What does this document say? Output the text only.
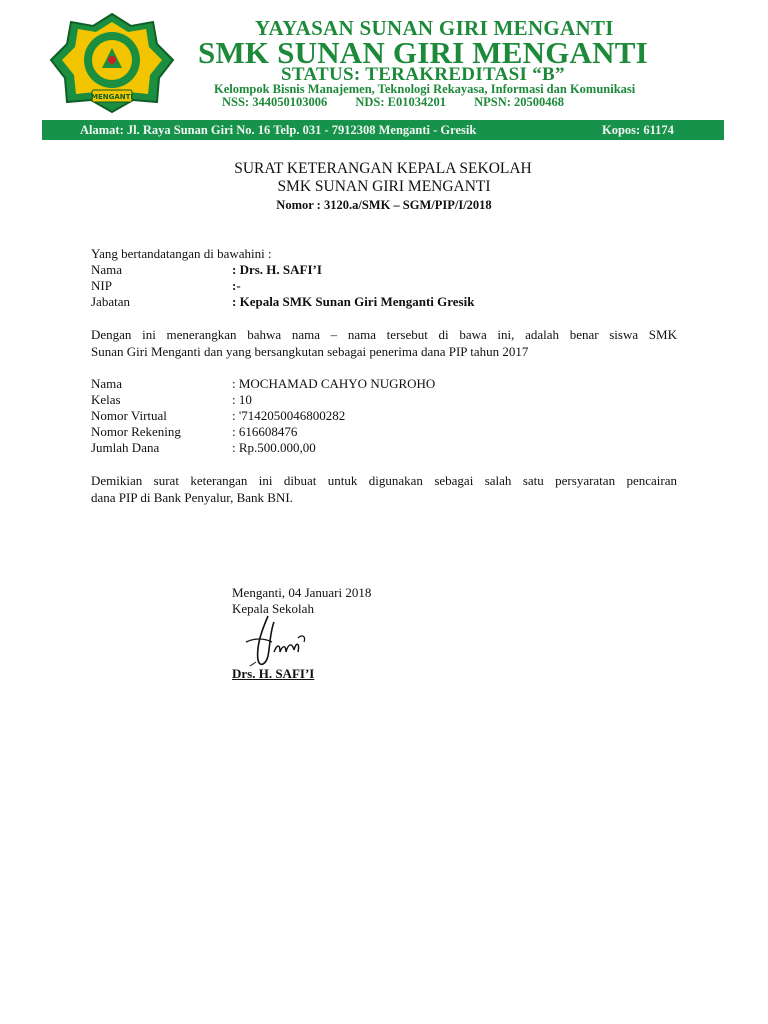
MENGANTI
YAYASAN SUNAN GIRI MENGANTI
SMK SUNAN GIRI MENGANTI
STATUS: TERAKREDITASI “B”
Kelompok Bisnis Manajemen, Teknologi Rekayasa, Informasi dan Komunikasi
NSS: 344050103006 NDS: E01034201 NPSN: 20500468
Alamat: Jl. Raya Sunan Giri No. 16 Telp. 031 - 7912308 Menganti - Gresik	Kopos: 61174
SURAT KETERANGAN KEPALA SEKOLAH
SMK SUNAN GIRI MENGANTI
Nomor : 3120.a/SMK – SGM/PIP/I/2018
Yang bertandatangan di bawahini :
Nama	: Drs. H. SAFI’I
NIP	:-
Jabatan	: Kepala SMK Sunan Giri Menganti Gresik
Dengan ini menerangkan bahwa nama – nama tersebut di bawa ini, adalah benar siswa SMK
Sunan Giri Menganti dan yang bersangkutan sebagai penerima dana PIP tahun 2017
Nama	: MOCHAMAD CAHYO NUGROHO
Kelas	: 10
Nomor Virtual	: '7142050046800282
Nomor Rekening	: 616608476
Jumlah Dana	: Rp.500.000,00
Demikian surat keterangan ini dibuat untuk digunakan sebagai salah satu persyaratan pencairan
dana PIP di Bank Penyalur, Bank BNI.
Menganti, 04 Januari 2018
Kepala Sekolah
Drs. H. SAFI’I
